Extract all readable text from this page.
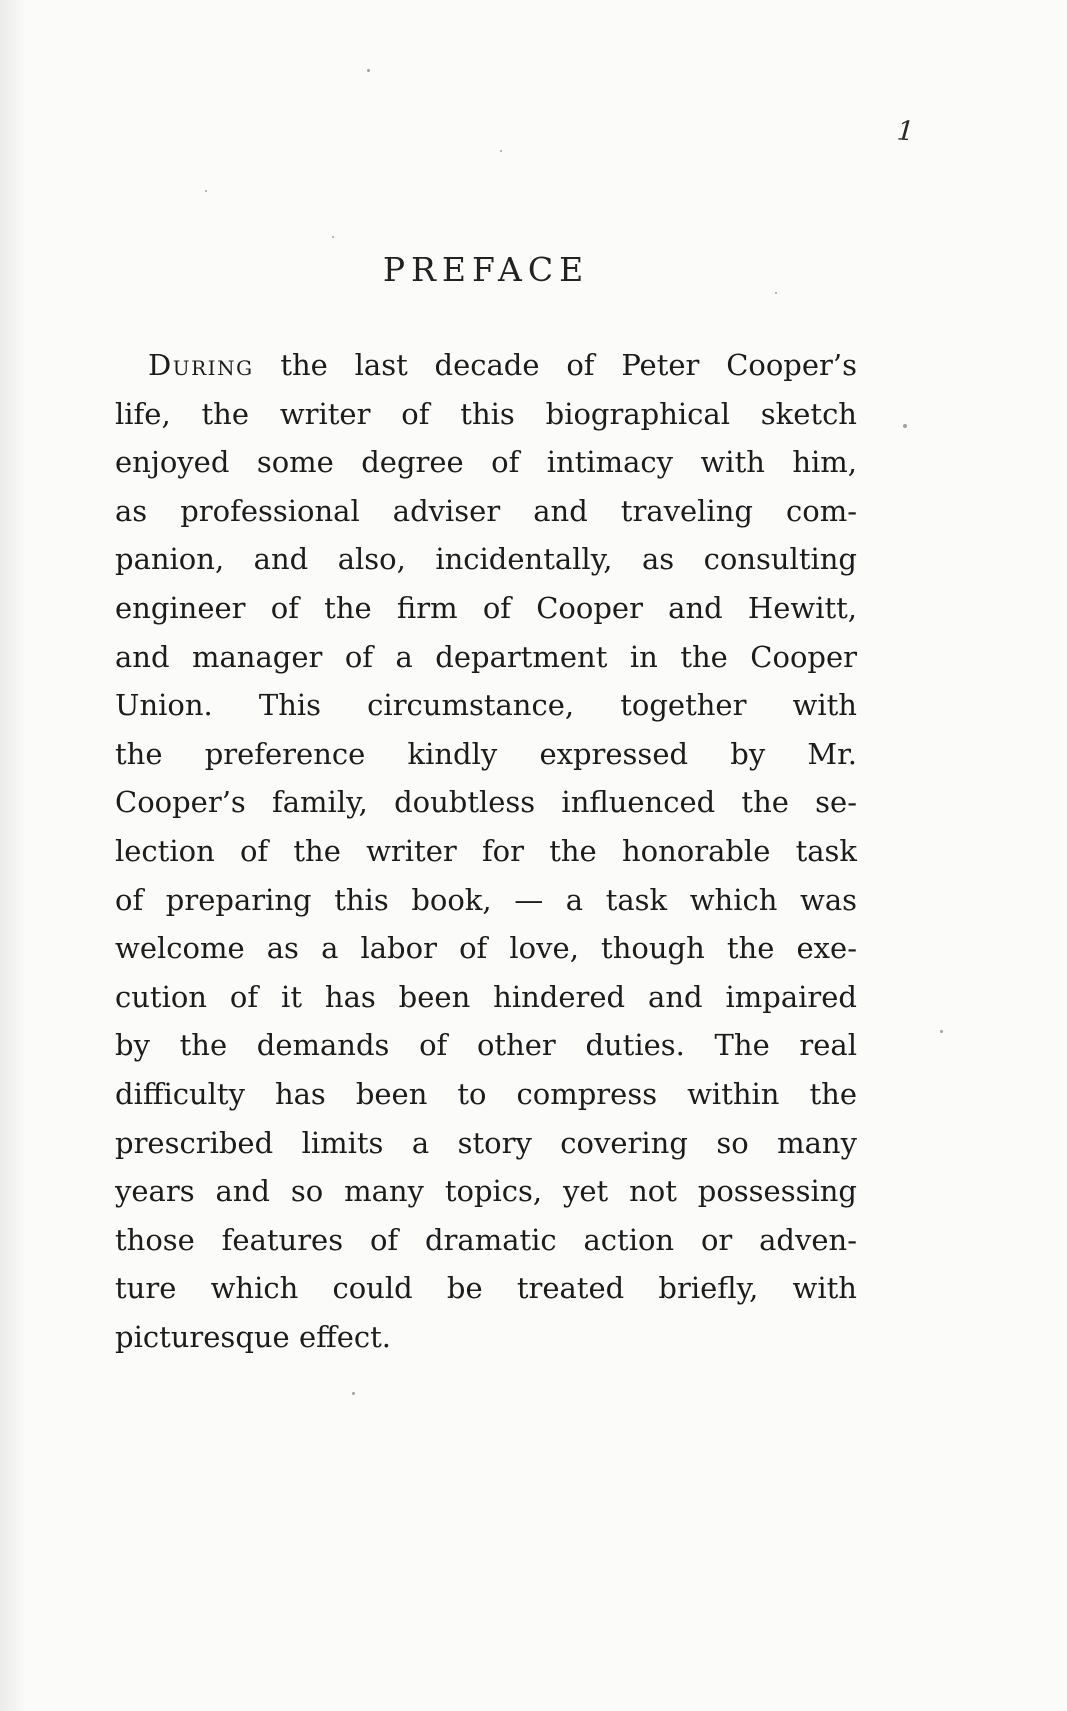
1
PREFACE
During the last decade of Peter Cooper’s
life, the writer of this biographical sketch
enjoyed some degree of intimacy with him,
as professional adviser and traveling com-
panion, and also, incidentally, as consulting
engineer of the firm of Cooper and Hewitt,
and manager of a department in the Cooper
Union. This circumstance, together with
the preference kindly expressed by Mr.
Cooper’s family, doubtless influenced the se-
lection of the writer for the honorable task
of preparing this book, — a task which was
welcome as a labor of love, though the exe-
cution of it has been hindered and impaired
by the demands of other duties. The real
difficulty has been to compress within the
prescribed limits a story covering so many
years and so many topics, yet not possessing
those features of dramatic action or adven-
ture which could be treated briefly, with
picturesque effect.
